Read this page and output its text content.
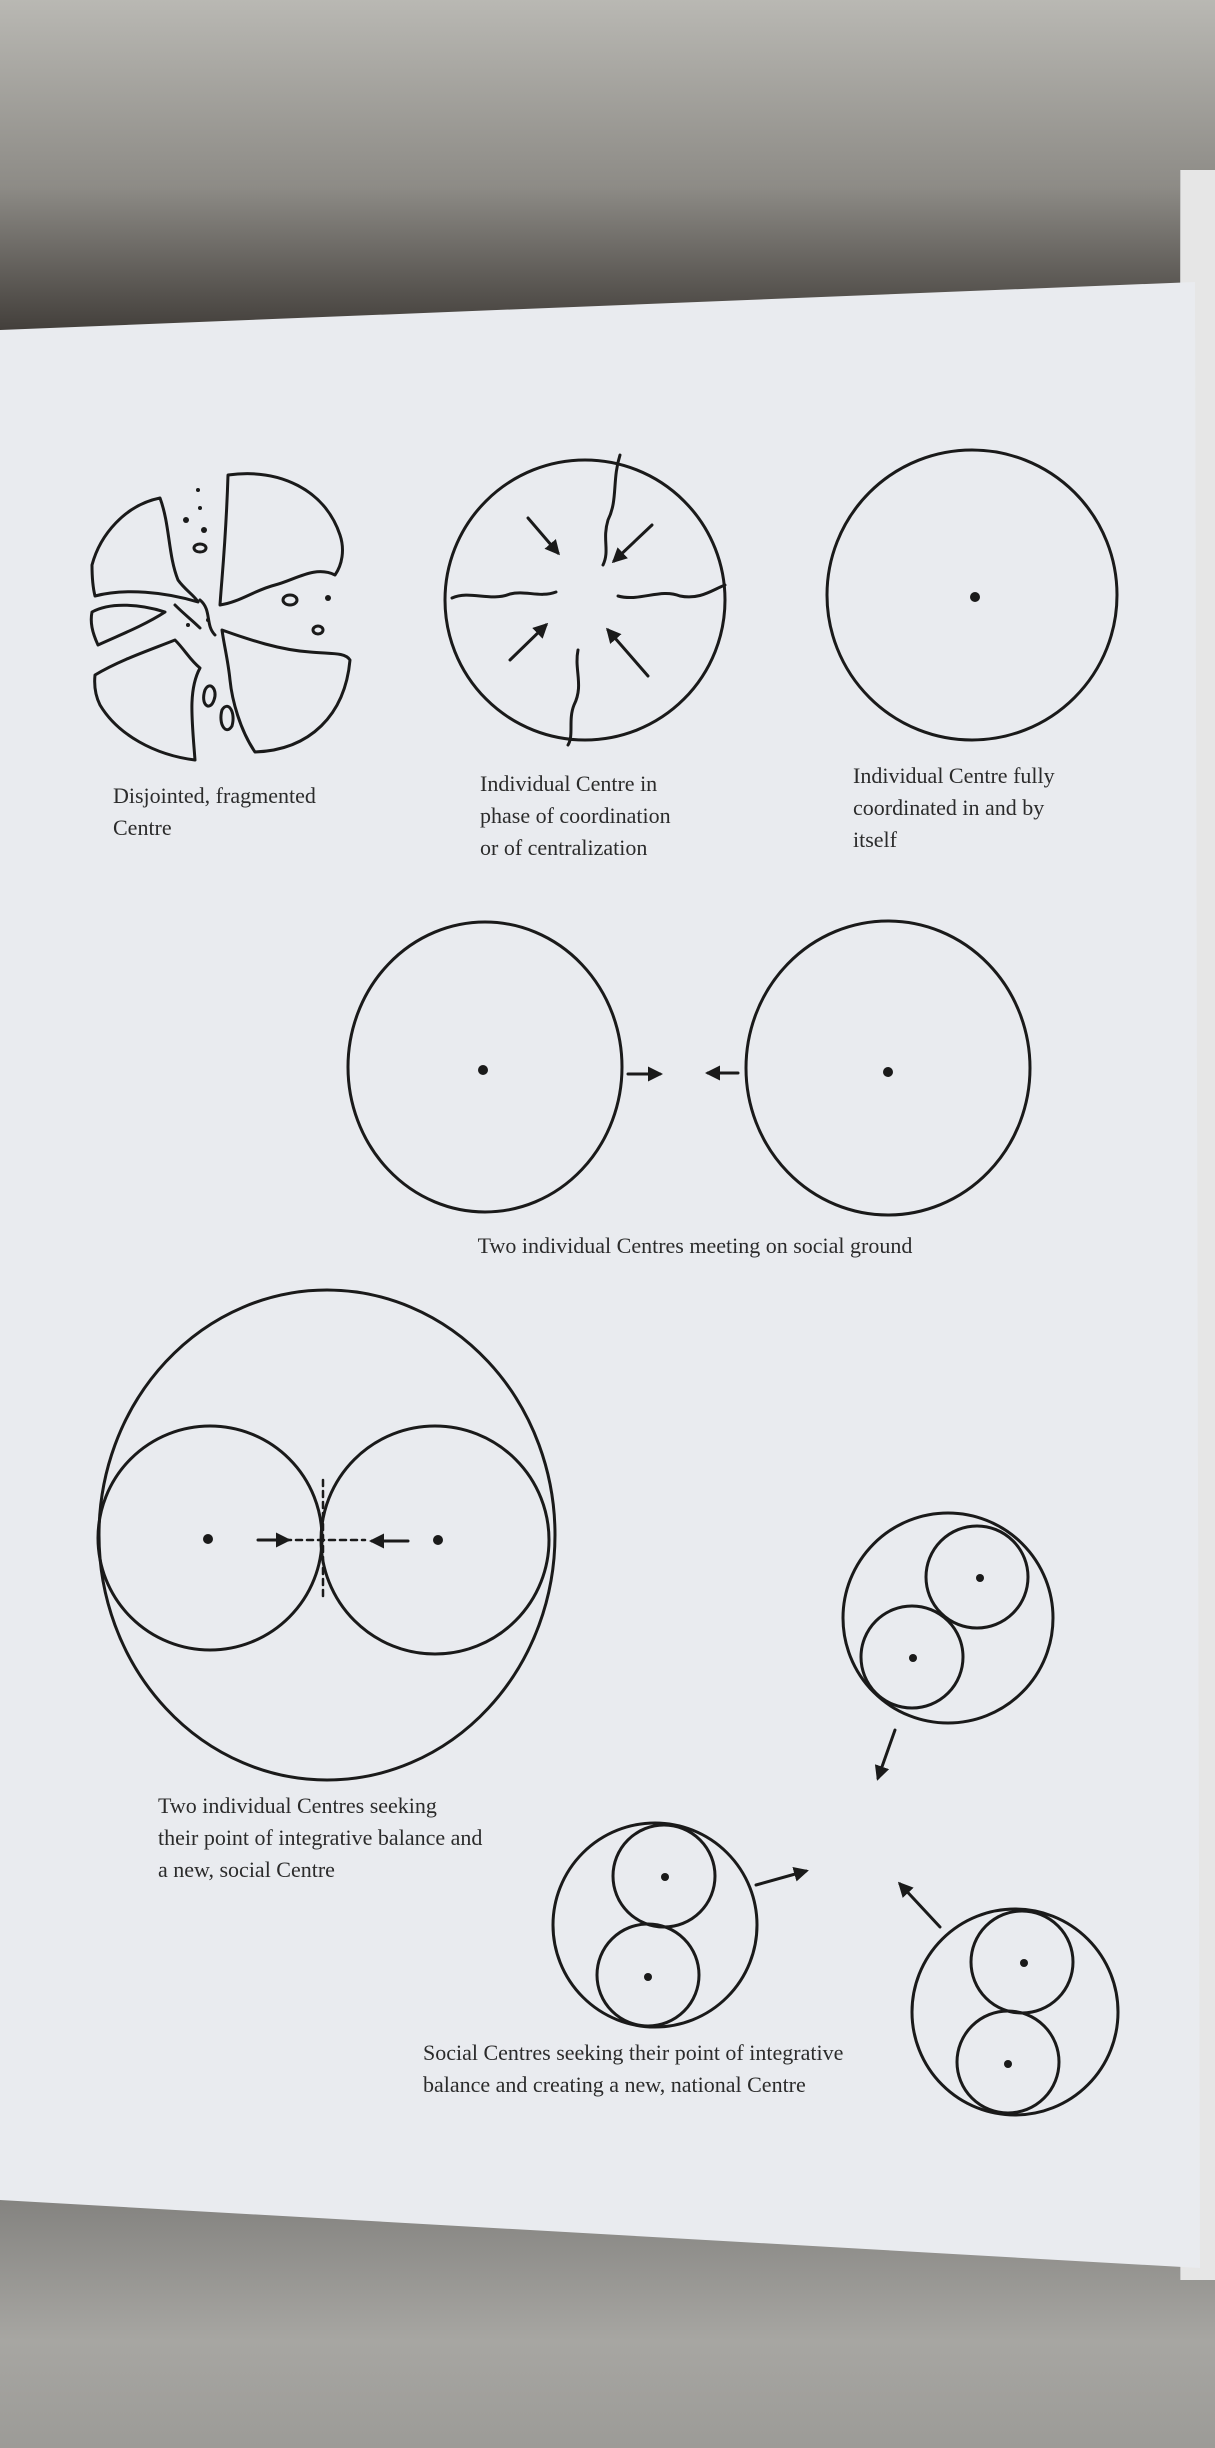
Disjointed, fragmented
Centre

Individual Centre in
phase of coordination
or of centralization

Individual Centre fully
coordinated in and by
itself

Two individual Centres meeting on social ground

Two individual Centres seeking
their point of integrative balance and
a new, social Centre

Social Centres seeking their point of integrative
balance and creating a new, national Centre
